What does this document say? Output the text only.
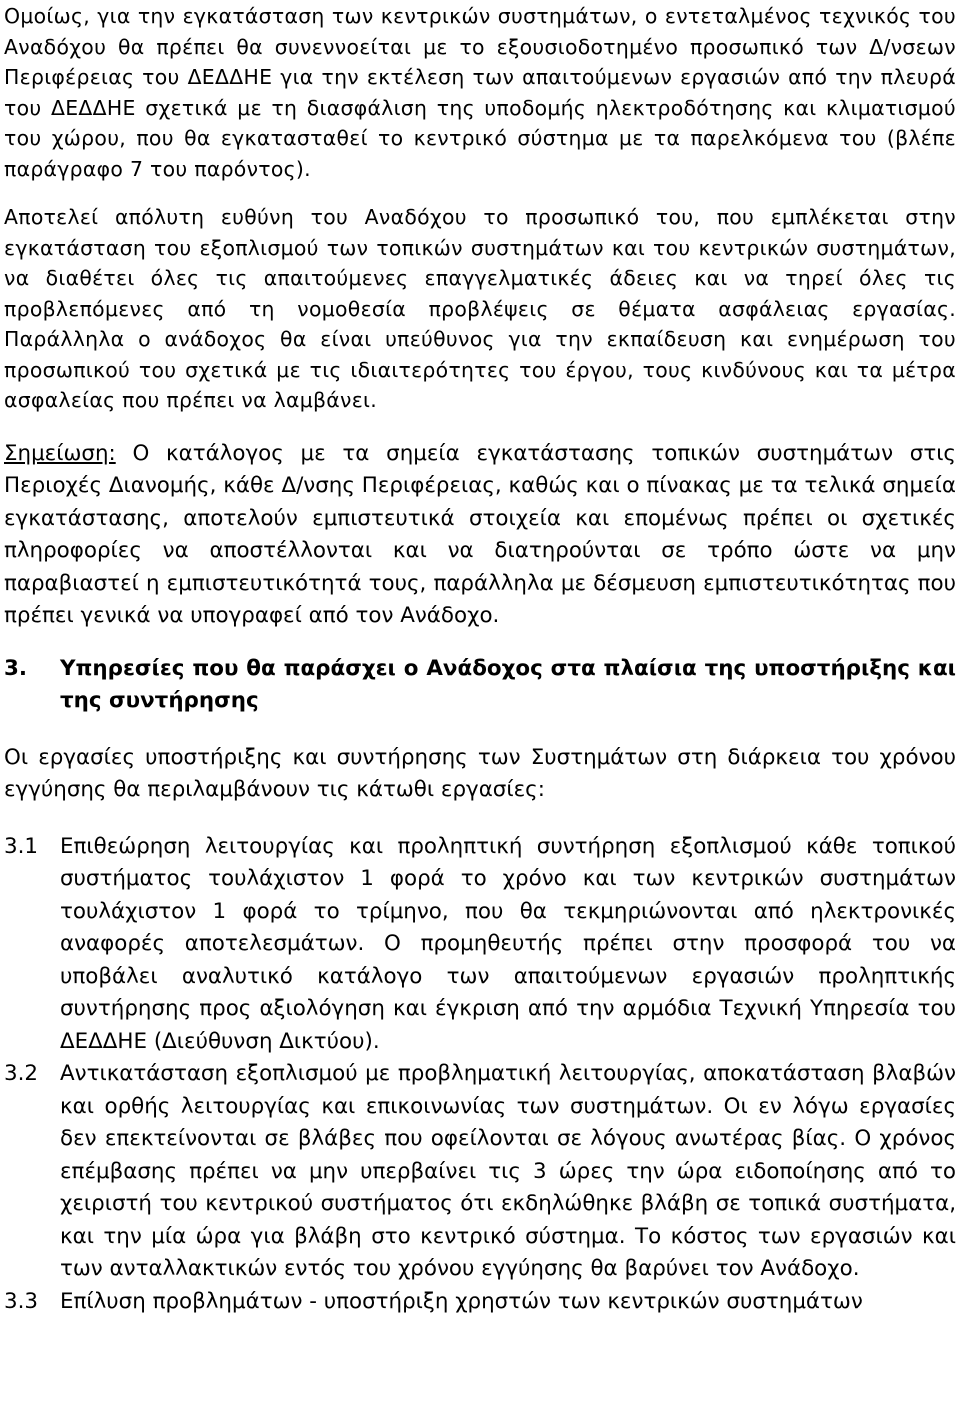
Ομοίως, για την εγκατάσταση των κεντρικών συστημάτων, ο εντεταλμένος τεχνικός του Αναδόχου θα πρέπει θα συνεννοείται με το εξουσιοδοτημένο προσωπικό των Δ/νσεων Περιφέρειας του ΔΕΔΔΗΕ για την εκτέλεση των απαιτούμενων εργασιών από την πλευρά του ΔΕΔΔΗΕ σχετικά με τη διασφάλιση της υποδομής ηλεκτροδότησης και κλιματισμού του χώρου, που θα εγκατασταθεί το κεντρικό σύστημα με τα παρελκόμενα του (βλέπε παράγραφο 7 του παρόντος).

Αποτελεί απόλυτη ευθύνη του Αναδόχου το προσωπικό του, που εμπλέκεται στην εγκατάσταση του εξοπλισμού των τοπικών συστημάτων και του κεντρικών συστημάτων, να διαθέτει όλες τις απαιτούμενες επαγγελματικές άδειες και να τηρεί όλες τις προβλεπόμενες από τη νομοθεσία προβλέψεις σε θέματα ασφάλειας εργασίας. Παράλληλα ο ανάδοχος θα είναι υπεύθυνος για την εκπαίδευση και ενημέρωση του προσωπικού του σχετικά με τις ιδιαιτερότητες του έργου, τους κινδύνους και τα μέτρα ασφαλείας που πρέπει να λαμβάνει.

Σημείωση: Ο κατάλογος με τα σημεία εγκατάστασης τοπικών συστημάτων στις Περιοχές Διανομής, κάθε Δ/νσης Περιφέρειας, καθώς και ο πίνακας με τα τελικά σημεία εγκατάστασης, αποτελούν εμπιστευτικά στοιχεία και επομένως πρέπει οι σχετικές πληροφορίες να αποστέλλονται και να διατηρούνται σε τρόπο ώστε να μην παραβιαστεί η εμπιστευτικότητά τους, παράλληλα με δέσμευση εμπιστευτικότητας που πρέπει γενικά να υπογραφεί από τον Ανάδοχο.

3.	Υπηρεσίες που θα παράσχει ο Ανάδοχος στα πλαίσια της υποστήριξης και της συντήρησης

Οι εργασίες υποστήριξης και συντήρησης των Συστημάτων στη διάρκεια του χρόνου εγγύησης θα περιλαμβάνουν τις κάτωθι εργασίες:

3.1	Επιθεώρηση λειτουργίας και προληπτική συντήρηση εξοπλισμού κάθε τοπικού συστήματος τουλάχιστον 1 φορά το χρόνο και των κεντρικών συστημάτων τουλάχιστον 1 φορά το τρίμηνο, που θα τεκμηριώνονται από ηλεκτρονικές αναφορές αποτελεσμάτων. Ο προμηθευτής πρέπει στην προσφορά του να υποβάλει αναλυτικό κατάλογο των απαιτούμενων εργασιών προληπτικής συντήρησης προς αξιολόγηση και έγκριση από την αρμόδια Τεχνική Υπηρεσία του ΔΕΔΔΗΕ (Διεύθυνση Δικτύου).
3.2	Αντικατάσταση εξοπλισμού με προβληματική λειτουργίας, αποκατάσταση βλαβών και ορθής λειτουργίας και επικοινωνίας των συστημάτων. Οι εν λόγω εργασίες δεν επεκτείνονται σε βλάβες που οφείλονται σε λόγους ανωτέρας βίας. Ο χρόνος επέμβασης πρέπει να μην υπερβαίνει τις 3 ώρες την ώρα ειδοποίησης από το χειριστή του κεντρικού συστήματος ότι εκδηλώθηκε βλάβη σε τοπικά συστήματα, και την μία ώρα για βλάβη στο κεντρικό σύστημα. Το κόστος των εργασιών και των ανταλλακτικών εντός του χρόνου εγγύησης θα βαρύνει τον Ανάδοχο.
3.3	Επίλυση προβλημάτων - υποστήριξη χρηστών των κεντρικών συστημάτων
